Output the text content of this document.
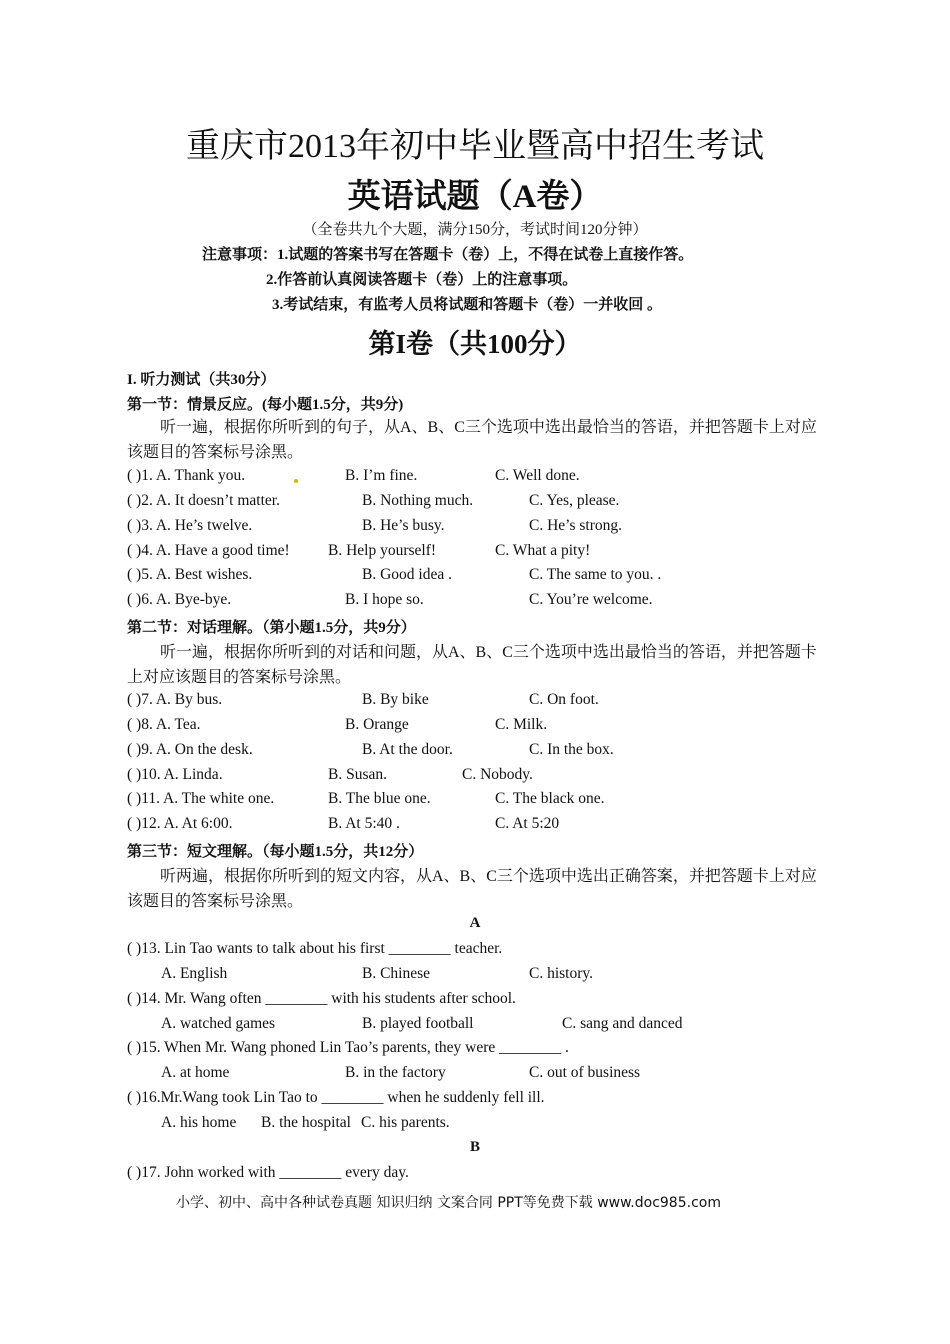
重庆市2013年初中毕业暨高中招生考试
英语试题（A卷）
（全卷共九个大题，满分150分，考试时间120分钟）
注意事项：1.试题的答案书写在答题卡（卷）上，不得在试卷上直接作答。
2.作答前认真阅读答题卡（卷）上的注意事项。
3.考试结束，有监考人员将试题和答题卡（卷）一并收回 。
第I卷（共100分）
I. 听力测试（共30分）
第一节：情景反应。(每小题1.5分，共9分)
听一遍，根据你所听到的句子，从A、B、C三个选项中选出最恰当的答语，并把答题卡上对应该题目的答案标号涂黑。
( )1. A. Thank you.	B. I’m fine.	C. Well done.
( )2. A. It doesn’t matter.	B. Nothing much.	C. Yes, please.
( )3. A. He’s twelve.	B. He’s busy.	C. He’s strong.
( )4. A. Have a good time! B. Help yourself!	C. What a pity!
( )5. A. Best wishes.	B. Good idea .	C. The same to you. .
( )6. A. Bye-bye.	B. I hope so.	C. You’re welcome.
第二节：对话理解。（第小题1.5分，共9分）
听一遍，根据你所听到的对话和问题，从A、B、C三个选项中选出最恰当的答语，并把答题卡上对应该题目的答案标号涂黑。
( )7. A. By bus.	B. By bike	C. On foot.
( )8. A. Tea.	B. Orange	C. Milk.
( )9. A. On the desk.	B. At the door.	C. In the box.
( )10. A. Linda.	B. Susan.	C. Nobody.
( )11. A. The white one.	B. The blue one.	C. The black one.
( )12. A. At 6:00.	B. At 5:40 .	C. At 5:20
第三节：短文理解。（每小题1.5分，共12分）
听两遍，根据你所听到的短文内容，从A、B、C三个选项中选出正确答案，并把答题卡上对应该题目的答案标号涂黑。
A
( )13. Lin Tao wants to talk about his first ________ teacher.
A. English	B. Chinese	C. history.
( )14. Mr. Wang often ________ with his students after school.
A. watched games	B. played football	C. sang and danced
( )15. When Mr. Wang phoned Lin Tao’s parents, they were ________ .
A. at home	B. in the factory	C. out of business
( )16.Mr.Wang took Lin Tao to ________ when he suddenly fell ill.
A. his home B. the hospital C. his parents.
B
( )17. John worked with ________ every day.
小学、初中、高中各种试卷真题 知识归纳 文案合同 PPT等免费下载 www.doc985.com
